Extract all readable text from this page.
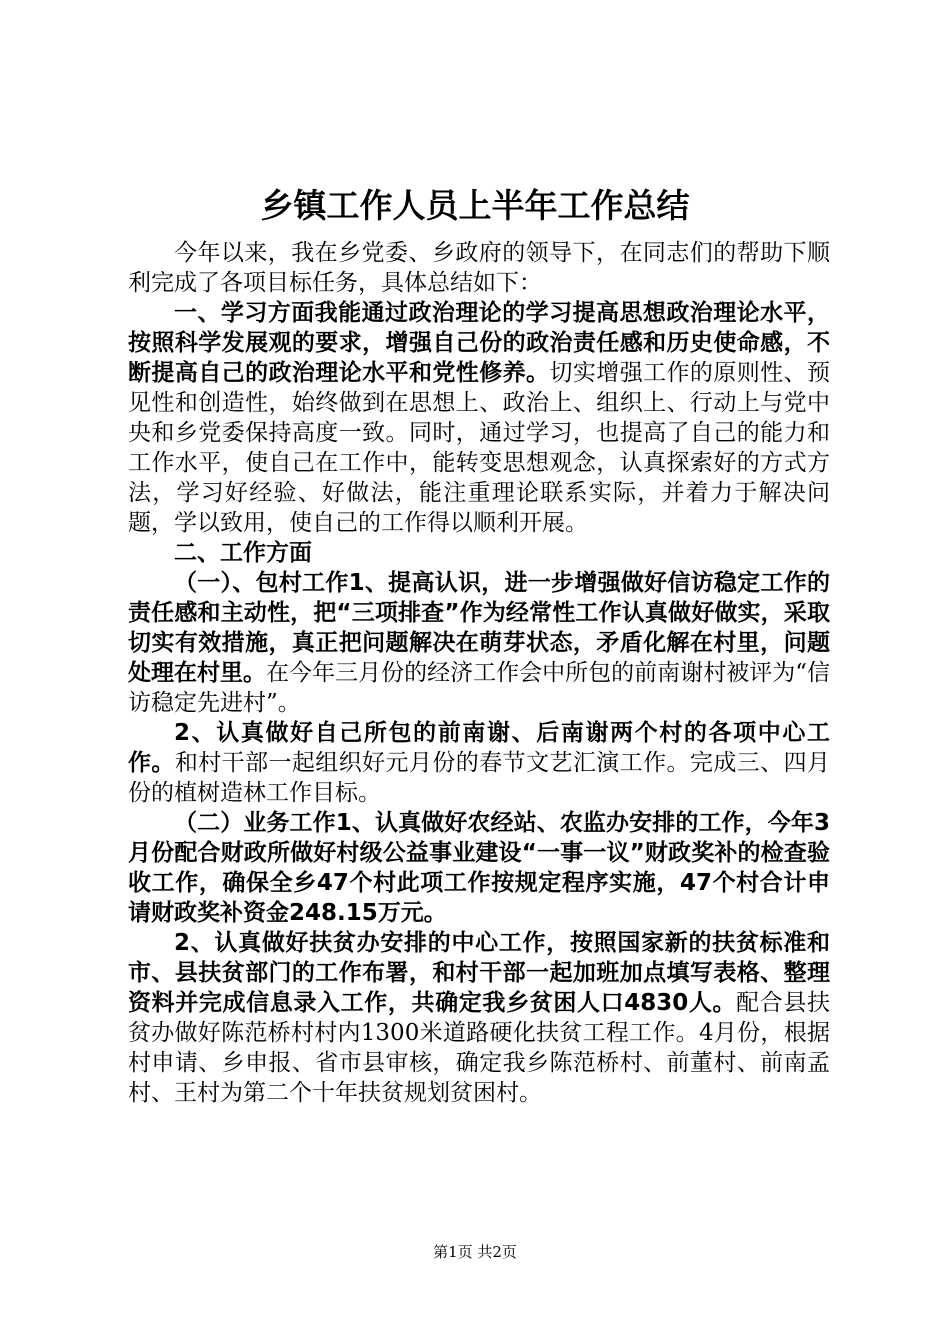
乡镇工作人员上半年工作总结

今年以来，我在乡党委、乡政府的领导下，在同志们的帮助下顺利完成了各项目标任务，具体总结如下：

一、学习方面我能通过政治理论的学习提高思想政治理论水平，按照科学发展观的要求，增强自己份的政治责任感和历史使命感，不断提高自己的政治理论水平和党性修养。切实增强工作的原则性、预见性和创造性，始终做到在思想上、政治上、组织上、行动上与党中央和乡党委保持高度一致。同时，通过学习，也提高了自己的能力和工作水平，使自己在工作中，能转变思想观念，认真探索好的方式方法，学习好经验、好做法，能注重理论联系实际，并着力于解决问题，学以致用，使自己的工作得以顺利开展。

二、工作方面

（一）、包村工作1、提高认识，进一步增强做好信访稳定工作的责任感和主动性，把“三项排查”作为经常性工作认真做好做实，采取切实有效措施，真正把问题解决在萌芽状态，矛盾化解在村里，问题处理在村里。在今年三月份的经济工作会中所包的前南谢村被评为“信访稳定先进村”。

2、认真做好自己所包的前南谢、后南谢两个村的各项中心工作。和村干部一起组织好元月份的春节文艺汇演工作。完成三、四月份的植树造林工作目标。

（二）业务工作1、认真做好农经站、农监办安排的工作，今年3月份配合财政所做好村级公益事业建设“一事一议”财政奖补的检查验收工作，确保全乡47个村此项工作按规定程序实施，47个村合计申请财政奖补资金248.15万元。

2、认真做好扶贫办安排的中心工作，按照国家新的扶贫标准和市、县扶贫部门的工作布署，和村干部一起加班加点填写表格、整理资料并完成信息录入工作，共确定我乡贫困人口4830人。配合县扶贫办做好陈范桥村村内1300米道路硬化扶贫工程工作。4月份，根据村申请、乡申报、省市县审核，确定我乡陈范桥村、前董村、前南孟村、王村为第二个十年扶贫规划贫困村。

第1页 共2页
